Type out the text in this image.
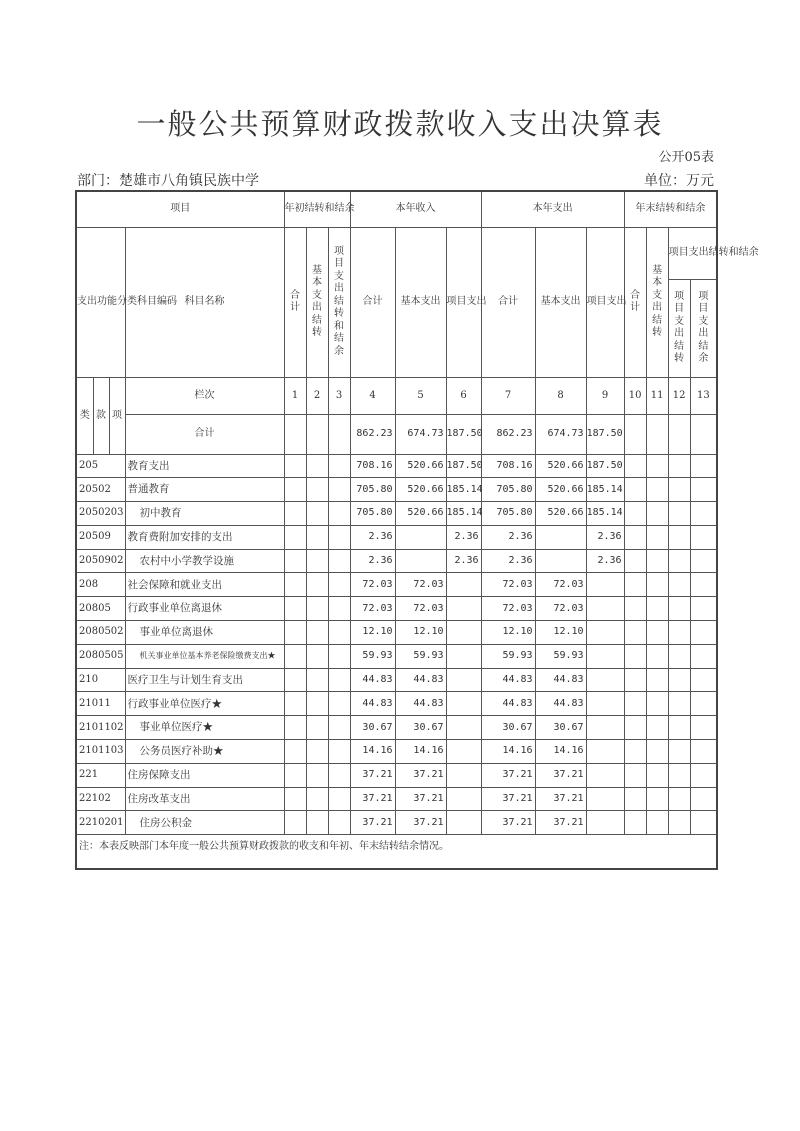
一般公共预算财政拨款收入支出决算表
公开05表
部门：楚雄市八角镇民族中学	单位：万元
项目				年初结转和结余			本年收入			本年支出			年末结转和结余			
支出功能分类科目编码			科目名称	合计	基本支出结转	项目支出结转和结余	合计	基本支出	项目支出	合计	基本支出	项目支出	合计	基本支出结转	项目支出结转和结余	
															项目支出结转	项目支出结余
类	款	项	栏次	1	2	3	4	5	6	7	8	9	10	11	12	13
			合计				862.23	674.73	187.50	862.23	674.73	187.50				
205			教育支出				708.16	520.66	187.50	708.16	520.66	187.50				
20502			普通教育				705.80	520.66	185.14	705.80	520.66	185.14				
2050203			初中教育				705.80	520.66	185.14	705.80	520.66	185.14				
20509			教育费附加安排的支出				2.36		2.36	2.36		2.36				
2050902			农村中小学教学设施				2.36		2.36	2.36		2.36				
208			社会保障和就业支出				72.03	72.03		72.03	72.03					
20805			行政事业单位离退休				72.03	72.03		72.03	72.03					
2080502			事业单位离退休				12.10	12.10		12.10	12.10					
2080505			机关事业单位基本养老保险缴费支出★				59.93	59.93		59.93	59.93					
210			医疗卫生与计划生育支出				44.83	44.83		44.83	44.83					
21011			行政事业单位医疗★				44.83	44.83		44.83	44.83					
2101102			事业单位医疗★				30.67	30.67		30.67	30.67					
2101103			公务员医疗补助★				14.16	14.16		14.16	14.16					
221			住房保障支出				37.21	37.21		37.21	37.21					
22102			住房改革支出				37.21	37.21		37.21	37.21					
2210201			住房公积金				37.21	37.21		37.21	37.21					
注：本表反映部门本年度一般公共预算财政拨款的收支和年初、年末结转结余情况。																
